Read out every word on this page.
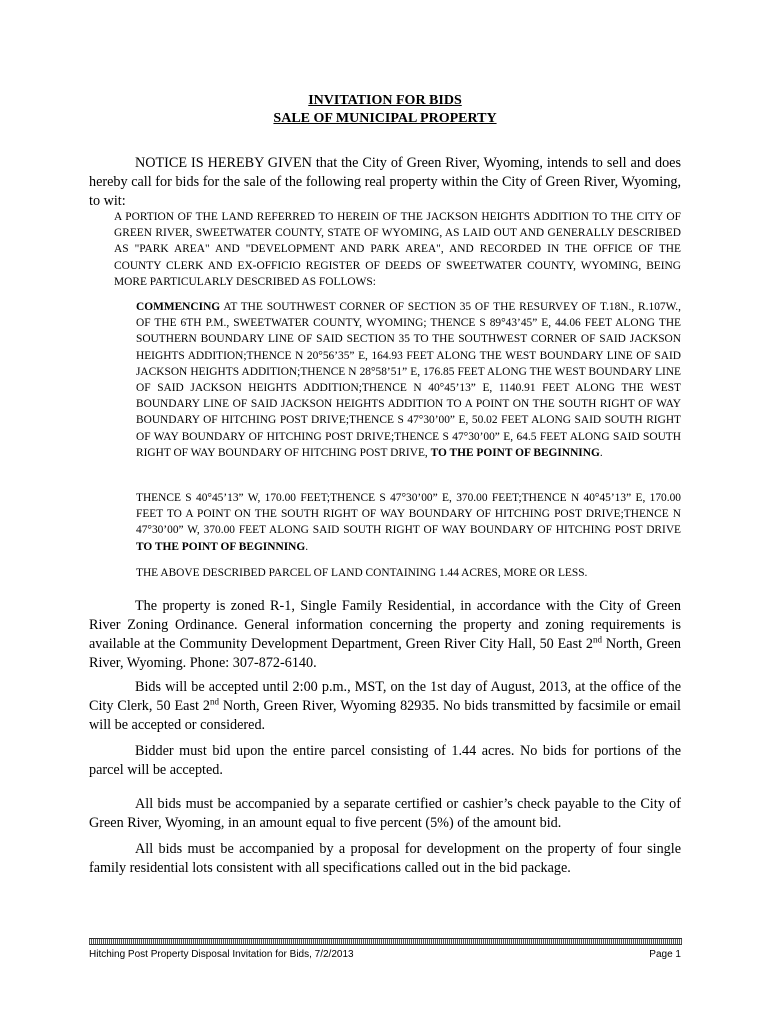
INVITATION FOR BIDS
SALE OF MUNICIPAL PROPERTY

NOTICE IS HEREBY GIVEN that the City of Green River, Wyoming, intends to sell and does hereby call for bids for the sale of the following real property within the City of Green River, Wyoming, to wit:

A PORTION OF THE LAND REFERRED TO HEREIN OF THE JACKSON HEIGHTS ADDITION TO THE CITY OF GREEN RIVER, SWEETWATER COUNTY, STATE OF WYOMING, AS LAID OUT AND GENERALLY DESCRIBED AS "PARK AREA" AND "DEVELOPMENT AND PARK AREA", AND RECORDED IN THE OFFICE OF THE COUNTY CLERK AND EX-OFFICIO REGISTER OF DEEDS OF SWEETWATER COUNTY, WYOMING, BEING MORE PARTICULARLY DESCRIBED AS FOLLOWS:

COMMENCING AT THE SOUTHWEST CORNER OF SECTION 35 OF THE RESURVEY OF T.18N., R.107W., OF THE 6TH P.M., SWEETWATER COUNTY, WYOMING; THENCE S 89°43’45” E, 44.06 FEET ALONG THE SOUTHERN BOUNDARY LINE OF SAID SECTION 35 TO THE SOUTHWEST CORNER OF SAID JACKSON HEIGHTS ADDITION;THENCE N 20°56’35” E, 164.93 FEET ALONG THE WEST BOUNDARY LINE OF SAID JACKSON HEIGHTS ADDITION;THENCE N 28°58’51” E, 176.85 FEET ALONG THE WEST BOUNDARY LINE OF SAID JACKSON HEIGHTS ADDITION;THENCE N 40°45’13” E, 1140.91 FEET ALONG THE WEST BOUNDARY LINE OF SAID JACKSON HEIGHTS ADDITION TO A POINT ON THE SOUTH RIGHT OF WAY BOUNDARY OF HITCHING POST DRIVE;THENCE S 47°30’00” E, 50.02 FEET ALONG SAID SOUTH RIGHT OF WAY BOUNDARY OF HITCHING POST DRIVE;THENCE S 47°30’00” E, 64.5 FEET ALONG SAID SOUTH RIGHT OF WAY BOUNDARY OF HITCHING POST DRIVE, TO THE POINT OF BEGINNING.

THENCE S 40°45’13” W, 170.00 FEET;THENCE S 47°30’00” E, 370.00 FEET;THENCE N 40°45’13” E, 170.00 FEET TO A POINT ON THE SOUTH RIGHT OF WAY BOUNDARY OF HITCHING POST DRIVE;THENCE N 47°30’00” W, 370.00 FEET ALONG SAID SOUTH RIGHT OF WAY BOUNDARY OF HITCHING POST DRIVE TO THE POINT OF BEGINNING.

THE ABOVE DESCRIBED PARCEL OF LAND CONTAINING 1.44 ACRES, MORE OR LESS.

The property is zoned R-1, Single Family Residential, in accordance with the City of Green River Zoning Ordinance. General information concerning the property and zoning requirements is available at the Community Development Department, Green River City Hall, 50 East 2nd North, Green River, Wyoming. Phone: 307-872-6140.

Bids will be accepted until 2:00 p.m., MST, on the 1st day of August, 2013, at the office of the City Clerk, 50 East 2nd North, Green River, Wyoming 82935. No bids transmitted by facsimile or email will be accepted or considered.

Bidder must bid upon the entire parcel consisting of 1.44 acres. No bids for portions of the parcel will be accepted.

All bids must be accompanied by a separate certified or cashier’s check payable to the City of Green River, Wyoming, in an amount equal to five percent (5%) of the amount bid.

All bids must be accompanied by a proposal for development on the property of four single family residential lots consistent with all specifications called out in the bid package.

Hitching Post Property Disposal Invitation for Bids, 7/2/2013	Page 1
